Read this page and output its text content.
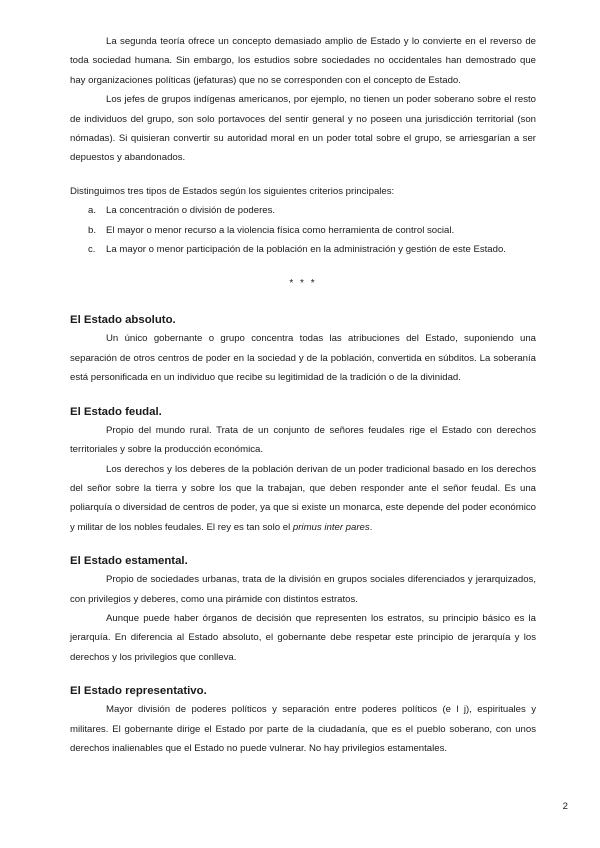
La segunda teoría ofrece un concepto demasiado amplio de Estado y lo convierte en el reverso de toda sociedad humana. Sin embargo, los estudios sobre sociedades no occidentales han demostrado que hay organizaciones políticas (jefaturas) que no se corresponden con el concepto de Estado.

Los jefes de grupos indígenas americanos, por ejemplo, no tienen un poder soberano sobre el resto de individuos del grupo, son solo portavoces del sentir general y no poseen una jurisdicción territorial (son nómadas). Si quisieran convertir su autoridad moral en un poder total sobre el grupo, se arriesgarían a ser depuestos y abandonados.

Distinguimos tres tipos de Estados según los siguientes criterios principales:

a.	La concentración o división de poderes.
b.	El mayor o menor recurso a la violencia física como herramienta de control social.
c.	La mayor o menor participación de la población en la administración y gestión de este Estado.
* * *
El Estado absoluto.

Un único gobernante o grupo concentra todas las atribuciones del Estado, suponiendo una separación de otros centros de poder en la sociedad y de la población, convertida en súbditos. La soberanía está personificada en un individuo que recibe su legitimidad de la tradición o de la divinidad.

El Estado feudal.

Propio del mundo rural. Trata de un conjunto de señores feudales rige el Estado con derechos territoriales y sobre la producción económica.

Los derechos y los deberes de la población derivan de un poder tradicional basado en los derechos del señor sobre la tierra y sobre los que la trabajan, que deben responder ante el señor feudal. Es una poliarquía o diversidad de centros de poder, ya que si existe un monarca, este depende del poder económico y militar de los nobles feudales. El rey es tan solo el primus inter pares.

El Estado estamental.

Propio de sociedades urbanas, trata de la división en grupos sociales diferenciados y jerarquizados, con privilegios y deberes, como una pirámide con distintos estratos.

Aunque puede haber órganos de decisión que representen los estratos, su principio básico es la jerarquía. En diferencia al Estado absoluto, el gobernante debe respetar este principio de jerarquía y los derechos y los privilegios que conlleva.

El Estado representativo.

Mayor división de poderes políticos y separación entre poderes políticos (e l j), espirituales y militares. El gobernante dirige el Estado por parte de la ciudadanía, que es el pueblo soberano, con unos derechos inalienables que el Estado no puede vulnerar. No hay privilegios estamentales.

2
